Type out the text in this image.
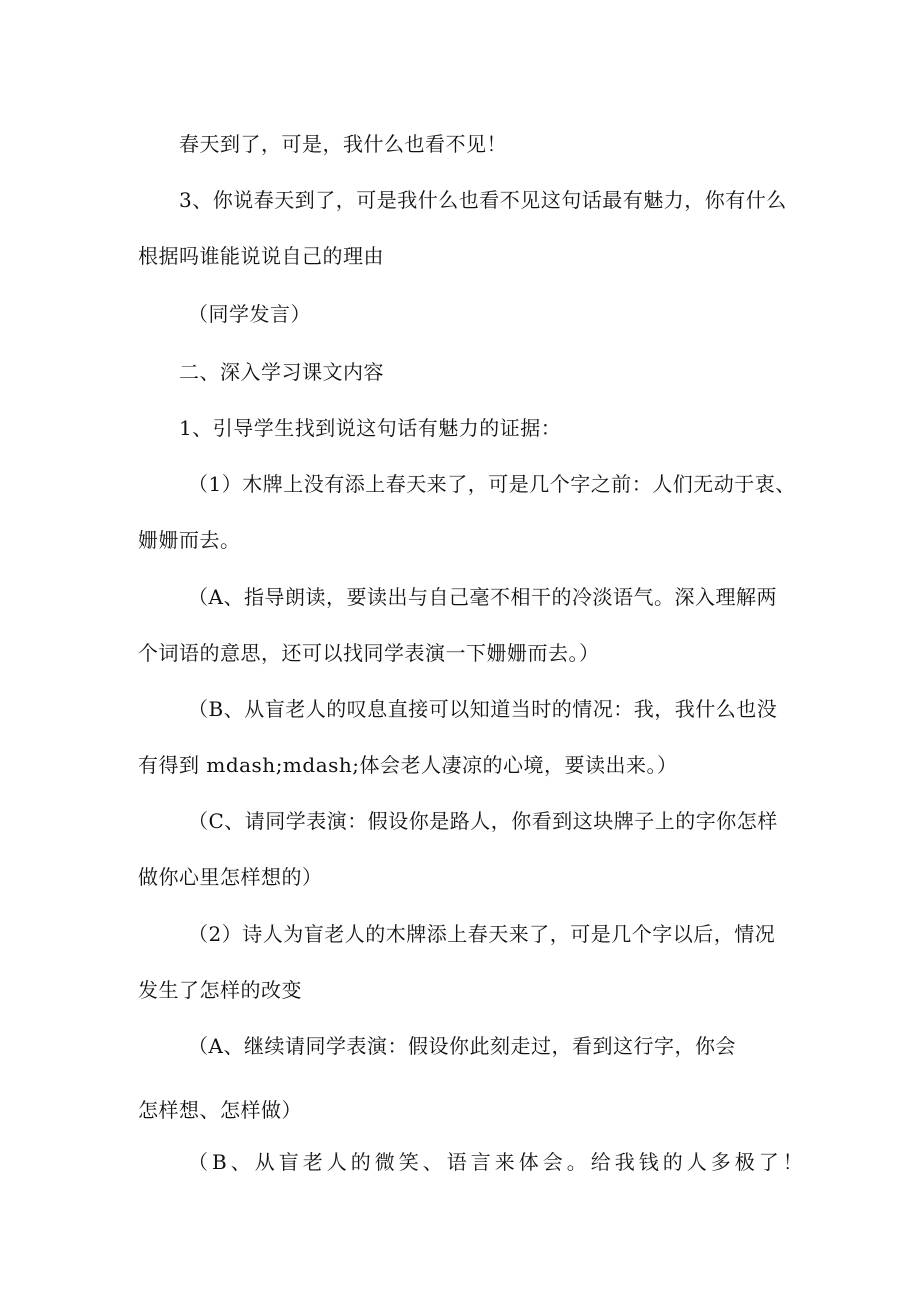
春天到了，可是，我什么也看不见！
3、你说春天到了，可是我什么也看不见这句话最有魅力，你有什么
根据吗谁能说说自己的理由
（同学发言）
二、深入学习课文内容
1、引导学生找到说这句话有魅力的证据：
（1）木牌上没有添上春天来了，可是几个字之前：人们无动于衷、
姗姗而去。
（A、指导朗读，要读出与自己毫不相干的冷淡语气。深入理解两
个词语的意思，还可以找同学表演一下姗姗而去。）
（B、从盲老人的叹息直接可以知道当时的情况：我，我什么也没
有得到 mdash;mdash;体会老人凄凉的心境，要读出来。）
（C、请同学表演：假设你是路人，你看到这块牌子上的字你怎样
做你心里怎样想的）
（2）诗人为盲老人的木牌添上春天来了，可是几个字以后，情况
发生了怎样的改变
（A、继续请同学表演：假设你此刻走过，看到这行字，你会
怎样想、怎样做）
（B、从盲老人的微笑、语言来体会。给我钱的人多极了！
